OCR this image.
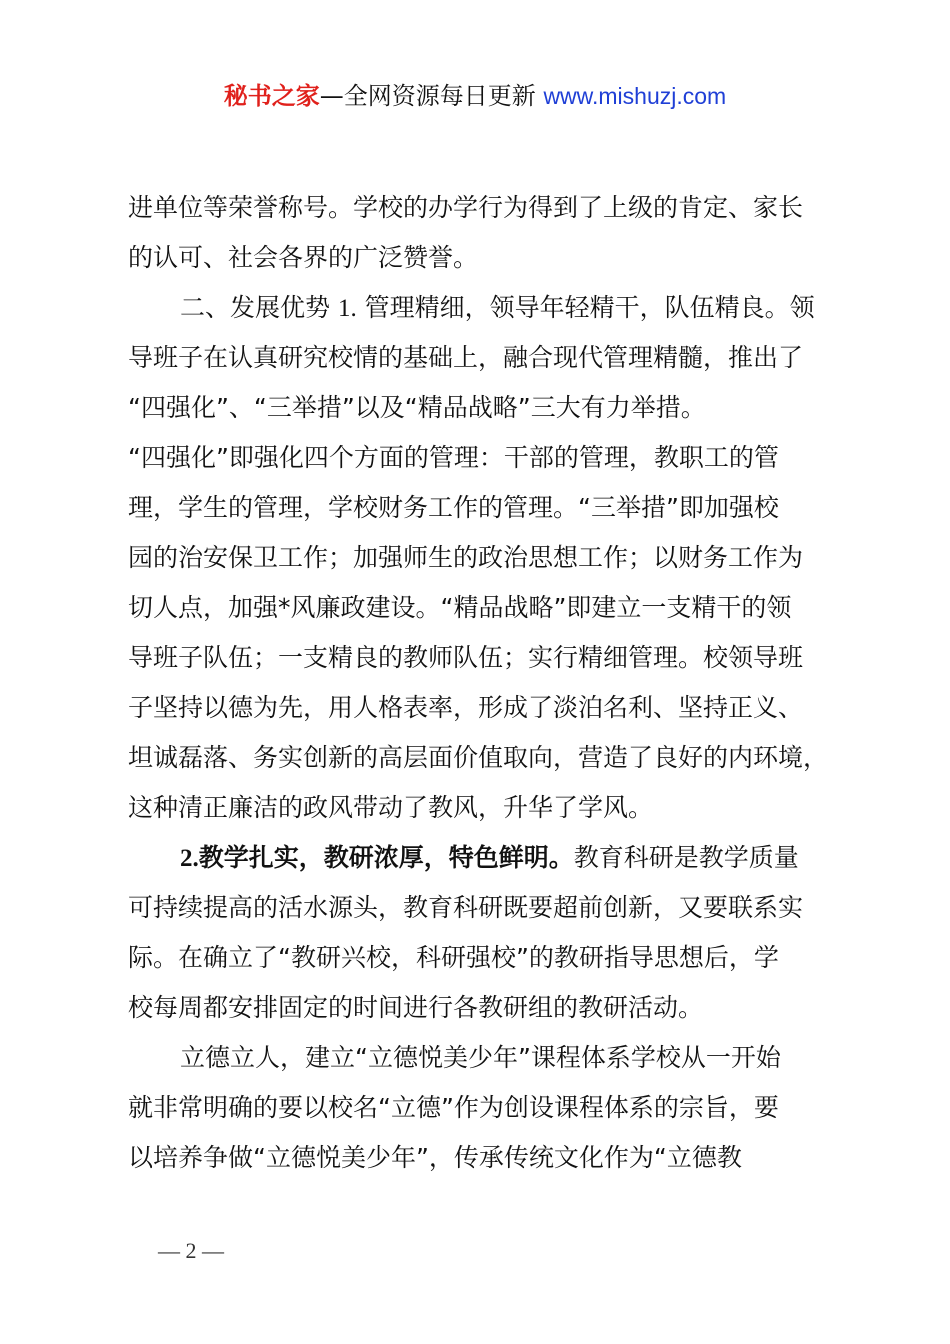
秘书之家—全网资源每日更新 www.mishuzj.com
进单位等荣誉称号。学校的办学行为得到了上级的肯定、家长
的认可、社会各界的广泛赞誉。
二、发展优势 1. 管理精细，领导年轻精干，队伍精良。领
导班子在认真研究校情的基础上，融合现代管理精髓，推出了
“四强化”、“三举措”以及“精品战略”三大有力举措。
“四强化”即强化四个方面的管理：干部的管理，教职工的管
理，学生的管理，学校财务工作的管理。“三举措”即加强校
园的治安保卫工作；加强师生的政治思想工作；以财务工作为
切人点，加强*风廉政建设。“精品战略”即建立一支精干的领
导班子队伍；一支精良的教师队伍；实行精细管理。校领导班
子坚持以德为先，用人格表率，形成了淡泊名利、坚持正义、
坦诚磊落、务实创新的高层面价值取向，营造了良好的内环境，
这种清正廉洁的政风带动了教风，升华了学风。
2.教学扎实，教研浓厚，特色鲜明。教育科研是教学质量
可持续提高的活水源头，教育科研既要超前创新，又要联系实
际。在确立了“教研兴校，科研强校”的教研指导思想后，学
校每周都安排固定的时间进行各教研组的教研活动。
立德立人，建立“立德悦美少年”课程体系学校从一开始
就非常明确的要以校名“立德”作为创设课程体系的宗旨，要
以培养争做“立德悦美少年”，传承传统文化作为“立德教
— 2 —
